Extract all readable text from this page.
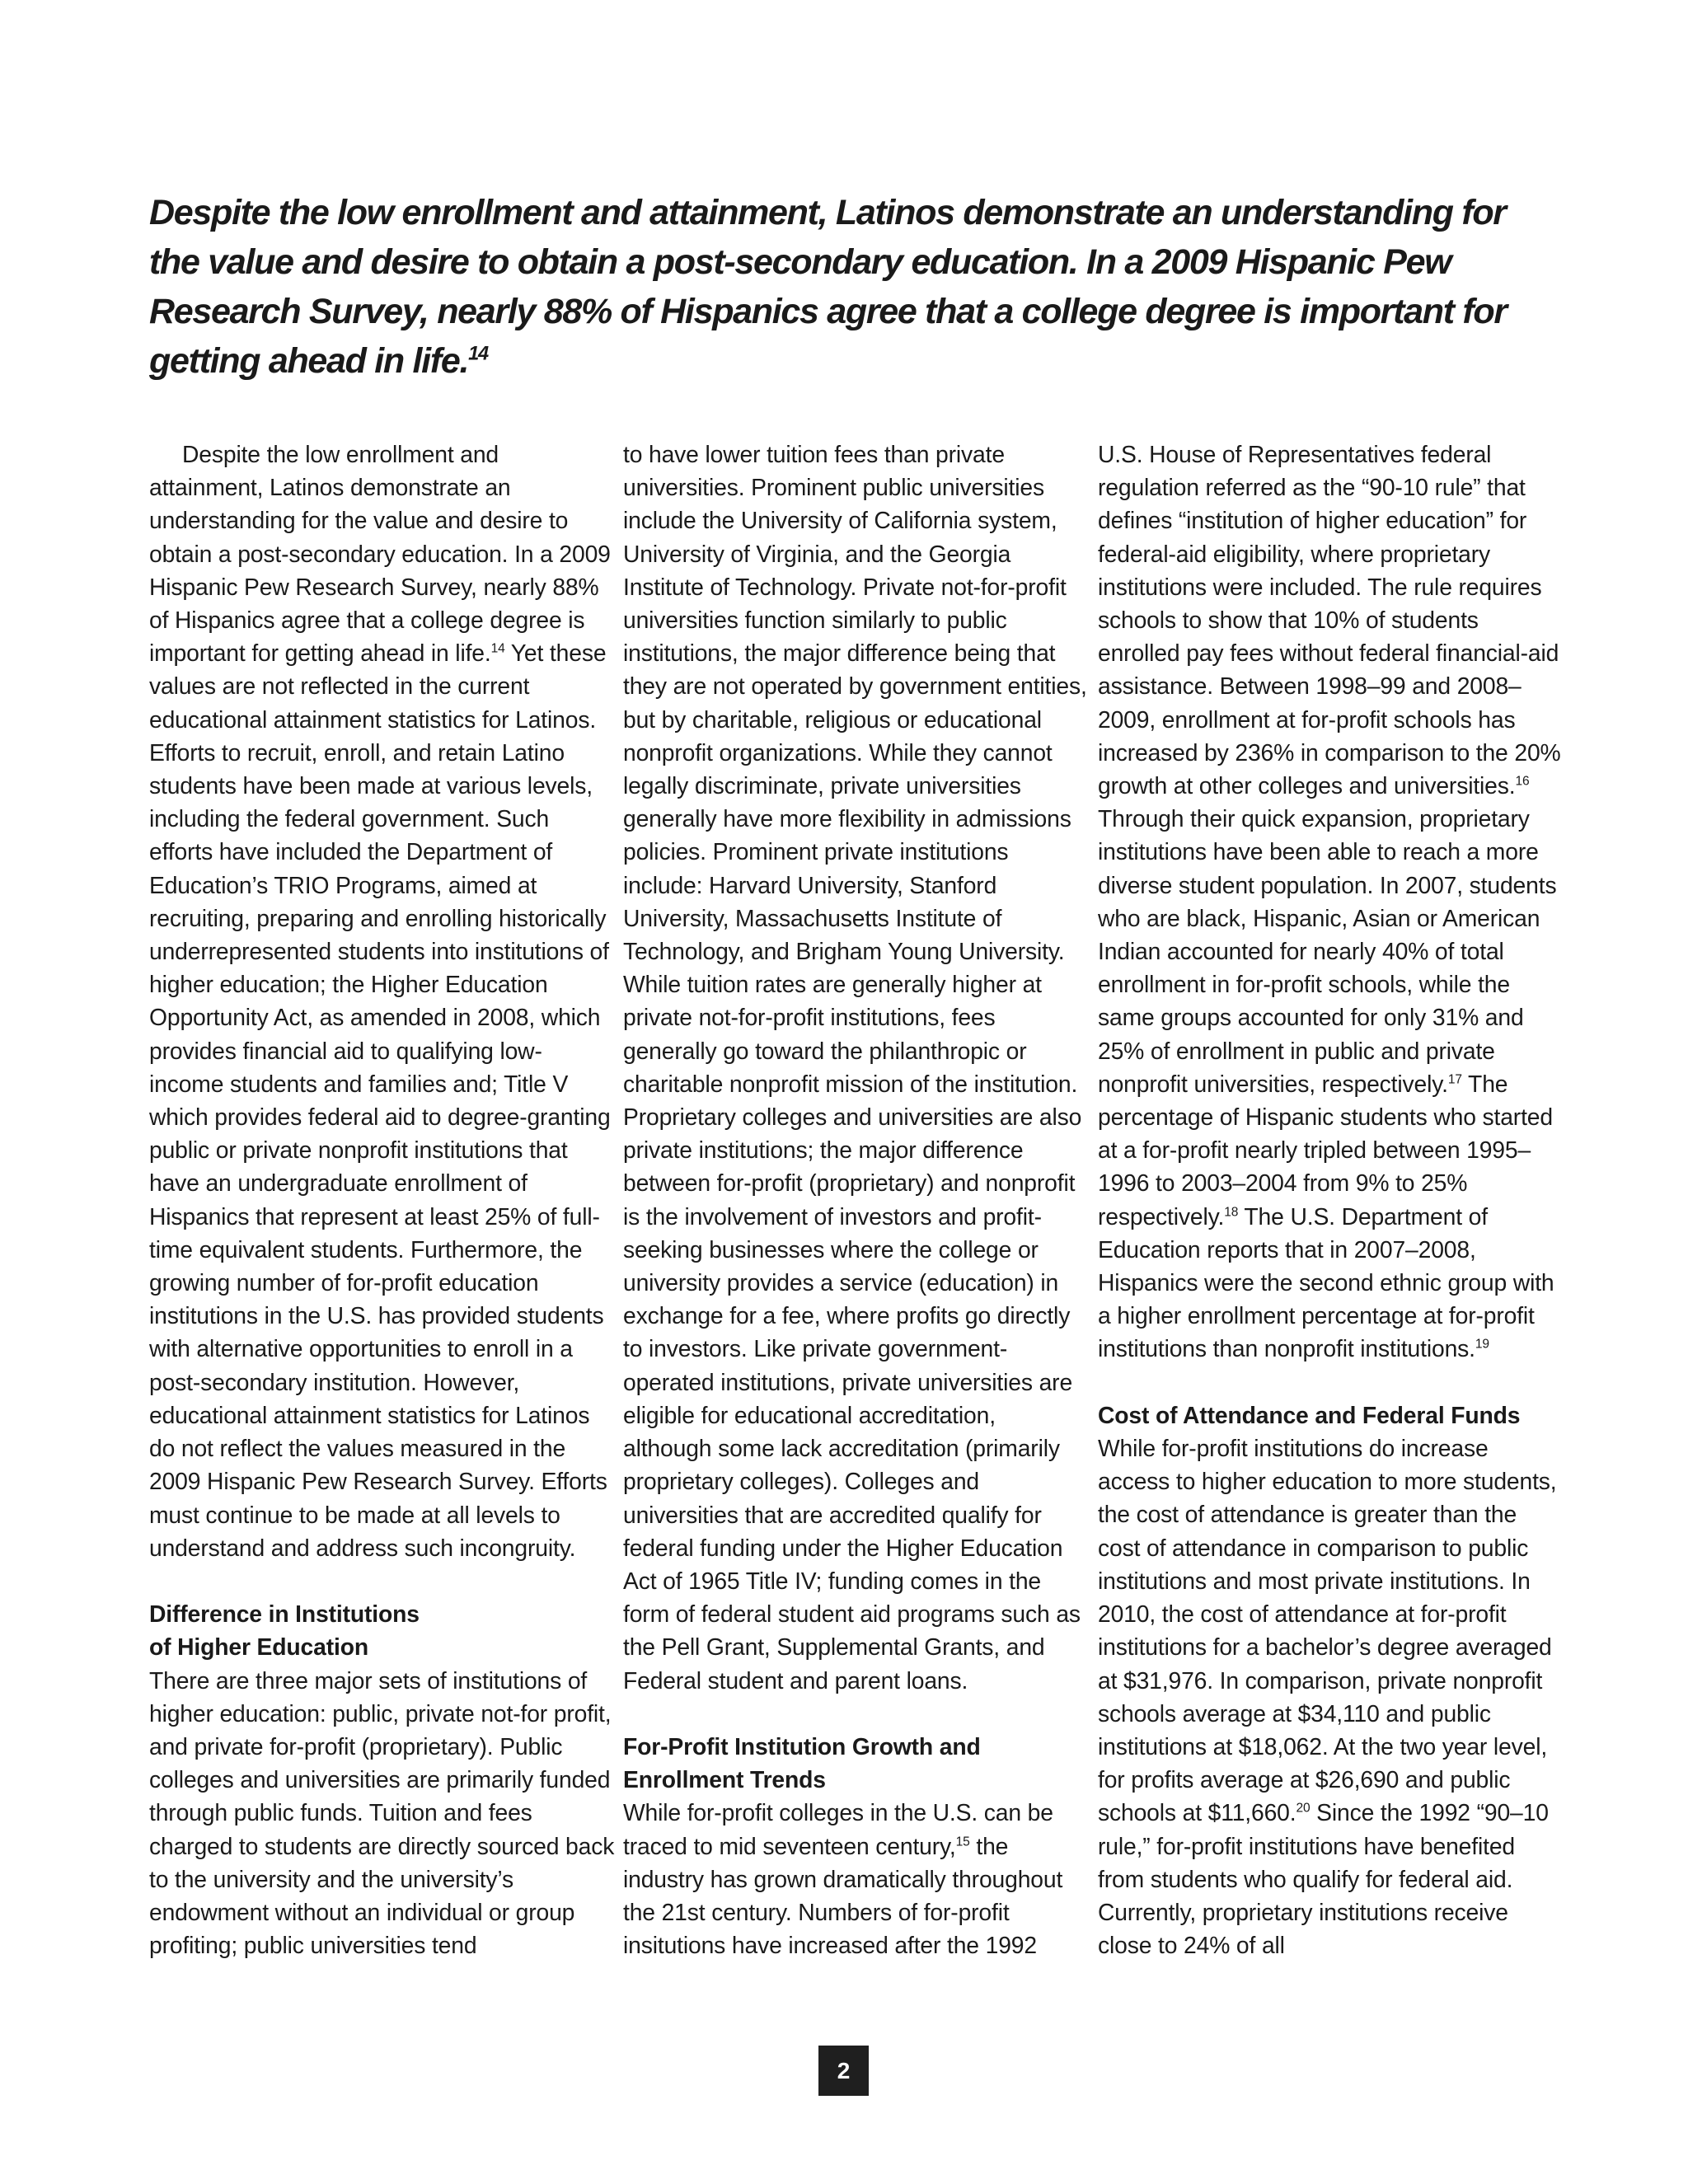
Despite the low enrollment and attainment, Latinos demonstrate an understanding for the value and desire to obtain a post-secondary education. In a 2009 Hispanic Pew Research Survey, nearly 88% of Hispanics agree that a college degree is important for getting ahead in life.$^{14}$

Despite the low enrollment and attainment, Latinos demonstrate an understanding for the value and desire to obtain a post-secondary education. In a 2009 Hispanic Pew Research Survey, nearly 88% of Hispanics agree that a college degree is important for getting ahead in life.$^{14}$ Yet these values are not reflected in the current educational attainment statistics for Latinos. Efforts to recruit, enroll, and retain Latino students have been made at various levels, including the federal government. Such efforts have included the Department of Education’s TRIO Programs, aimed at recruiting, preparing and enrolling historically underrepresented students into institutions of higher education; the Higher Education Opportunity Act, as amended in 2008, which provides financial aid to qualifying low-income students and families and; Title V which provides federal aid to degree-granting public or private nonprofit institutions that have an undergraduate enrollment of Hispanics that represent at least 25% of full-time equivalent students. Furthermore, the growing number of for-profit education institutions in the U.S. has provided students with alternative opportunities to enroll in a post-secondary institution. However, educational attainment statistics for Latinos do not reflect the values measured in the 2009 Hispanic Pew Research Survey. Efforts must continue to be made at all levels to understand and address such incongruity.

Difference in Institutions
of Higher Education

There are three major sets of institutions of higher education: public, private not-for profit, and private for-profit (proprietary). Public colleges and universities are primarily funded through public funds. Tuition and fees charged to students are directly sourced back to the university and the university’s endowment without an individual or group profiting; public universities tend

to have lower tuition fees than private universities. Prominent public universities include the University of California system, University of Virginia, and the Georgia Institute of Technology. Private not-for-profit universities function similarly to public institutions, the major difference being that they are not operated by government entities, but by charitable, religious or educational nonprofit organizations. While they cannot legally discriminate, private universities generally have more flexibility in admissions policies. Prominent private institutions include: Harvard University, Stanford University, Massachusetts Institute of Technology, and Brigham Young University. While tuition rates are generally higher at private not-for-profit institutions, fees generally go toward the philanthropic or charitable nonprofit mission of the institution. Proprietary colleges and universities are also private institutions; the major difference between for-profit (proprietary) and nonprofit is the involvement of investors and profit-seeking businesses where the college or university provides a service (education) in exchange for a fee, where profits go directly to investors. Like private government-operated institutions, private universities are eligible for educational accreditation, although some lack accreditation (primarily proprietary colleges). Colleges and universities that are accredited qualify for federal funding under the Higher Education Act of 1965 Title IV; funding comes in the form of federal student aid programs such as the Pell Grant, Supplemental Grants, and Federal student and parent loans.

For-Profit Institution Growth and
Enrollment Trends

While for-profit colleges in the U.S. can be traced to mid seventeen century,$^{15}$ the industry has grown dramatically throughout the 21st century. Numbers of for-profit insitutions have increased after the 1992

U.S. House of Representatives federal regulation referred as the “90-10 rule” that defines “institution of higher education” for federal-aid eligibility, where proprietary institutions were included. The rule requires schools to show that 10% of students enrolled pay fees without federal financial-aid assistance. Between 1998–99 and 2008–2009, enrollment at for-profit schools has increased by 236% in comparison to the 20% growth at other colleges and universities.$^{16}$ Through their quick expansion, proprietary institutions have been able to reach a more diverse student population. In 2007, students who are black, Hispanic, Asian or American Indian accounted for nearly 40% of total enrollment in for-profit schools, while the same groups accounted for only 31% and 25% of enrollment in public and private nonprofit universities, respectively.$^{17}$ The percentage of Hispanic students who started at a for-profit nearly tripled between 1995–1996 to 2003–2004 from 9% to 25% respectively.$^{18}$ The U.S. Department of Education reports that in 2007–2008, Hispanics were the second ethnic group with a higher enrollment percentage at for-profit institutions than nonprofit institutions.$^{19}$

Cost of Attendance and Federal Funds

While for-profit institutions do increase access to higher education to more students, the cost of attendance is greater than the cost of attendance in comparison to public institutions and most private institutions. In 2010, the cost of attendance at for-profit institutions for a bachelor’s degree averaged at $31,976. In comparison, private nonprofit schools average at $34,110 and public institutions at $18,062. At the two year level, for profits average at $26,690 and public schools at $11,660.20 Since the 1992 “90–10 rule,” for-profit institutions have benefited from students who qualify for federal aid. Currently, proprietary institutions receive close to 24% of all

2
